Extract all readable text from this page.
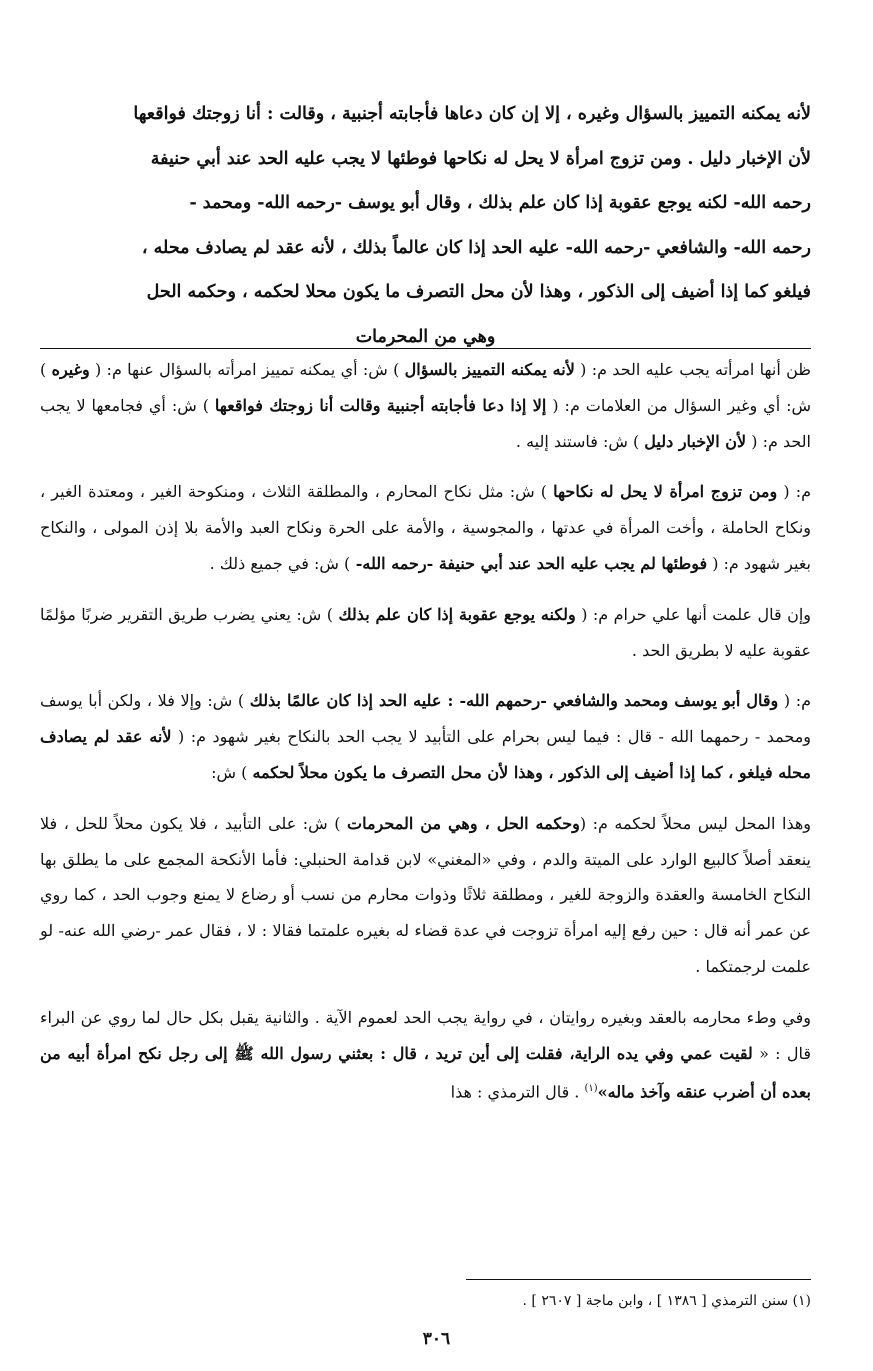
لأنه يمكنه التمييز بالسؤال وغيره ، إلا إن كان دعاها فأجابته أجنبية ، وقالت : أنا زوجتك فواقعها

لأن الإخبار دليل . ومن تزوج امرأة لا يحل له نكاحها فوطئها لا يجب عليه الحد عند أبي حنيفة

رحمه الله- لكنه يوجع عقوبة إذا كان علم بذلك ، وقال أبو يوسف -رحمه الله- ومحمد -

رحمه الله- والشافعي -رحمه الله- عليه الحد إذا كان عالماً بذلك ، لأنه عقد لم يصادف محله ،

فيلغو كما إذا أضيف إلى الذكور ، وهذا لأن محل التصرف ما يكون محلا لحكمه ، وحكمه الحل

وهي من المحرمات

ظن أنها امرأته يجب عليه الحد م: ( لأنه يمكنه التمييز بالسؤال ) ش: أي يمكنه تمييز امرأته بالسؤال عنها م: ( وغيره ) ش: أي وغير السؤال من العلامات م: ( إلا إذا دعا فأجابته أجنبية وقالت أنا زوجتك فواقعها ) ش: أي فجامعها لا يجب الحد م: ( لأن الإخبار دليل ) ش: فاستند إليه .

م: ( ومن تزوج امرأة لا يحل له نكاحها ) ش: مثل نكاح المحارم ، والمطلقة الثلاث ، ومنكوحة الغير ، ومعتدة الغير ، ونكاح الحاملة ، وأخت المرأة في عدتها ، والمجوسية ، والأمة على الحرة ونكاح العبد والأمة بلا إذن المولى ، والنكاح بغير شهود م: ( فوطئها لم يجب عليه الحد عند أبي حنيفة -رحمه الله- ) ش: في جميع ذلك .

وإن قال علمت أنها علي حرام م: ( ولكنه يوجع عقوبة إذا كان علم بذلك ) ش: يعني يضرب طريق التقرير ضربًا مؤلمًا عقوبة عليه لا بطريق الحد .

م: ( وقال أبو يوسف ومحمد والشافعي -رحمهم الله- : عليه الحد إذا كان عالمًا بذلك ) ش: وإلا فلا ، ولكن أبا يوسف ومحمد - رحمهما الله - قال : فيما ليس بحرام على التأبيد لا يجب الحد بالنكاح بغير شهود م: ( لأنه عقد لم يصادف محله فيلغو ، كما إذا أضيف إلى الذكور ، وهذا لأن محل التصرف ما يكون محلاً لحكمه ) ش:

وهذا المحل ليس محلاً لحكمه م: (وحكمه الحل ، وهي من المحرمات ) ش: على التأبيد ، فلا يكون محلاً للحل ، فلا ينعقد أصلاً كالبيع الوارد على الميتة والدم ، وفي «المغني» لابن قدامة الحنبلي: فأما الأنكحة المجمع على ما يطلق بها النكاح الخامسة والعقدة والزوجة للغير ، ومطلقة ثلاثًا وذوات محارم من نسب أو رضاع لا يمنع وجوب الحد ، كما روي عن عمر أنه قال : حين رفع إليه امرأة تزوجت في عدة قضاء له بغيره علمتما فقالا : لا ، فقال عمر -رضي الله عنه- لو علمت لرجمتكما .

وفي وطء محارمه بالعقد وبغيره روايتان ، في رواية يجب الحد لعموم الآية . والثانية يقبل بكل حال لما روي عن البراء قال : « لقيت عمي وفي يده الراية، فقلت إلى أين تريد ، قال : بعثني رسول الله ﷺ إلى رجل نكح امرأة أبيه من بعده أن أضرب عنقه وآخذ ماله»$^{(١)}$ . قال الترمذي : هذا

(١) سنن الترمذي [ ١٣٨٦ ] ، وابن ماجة [ ٢٦٠٧ ] .
٣٠٦
